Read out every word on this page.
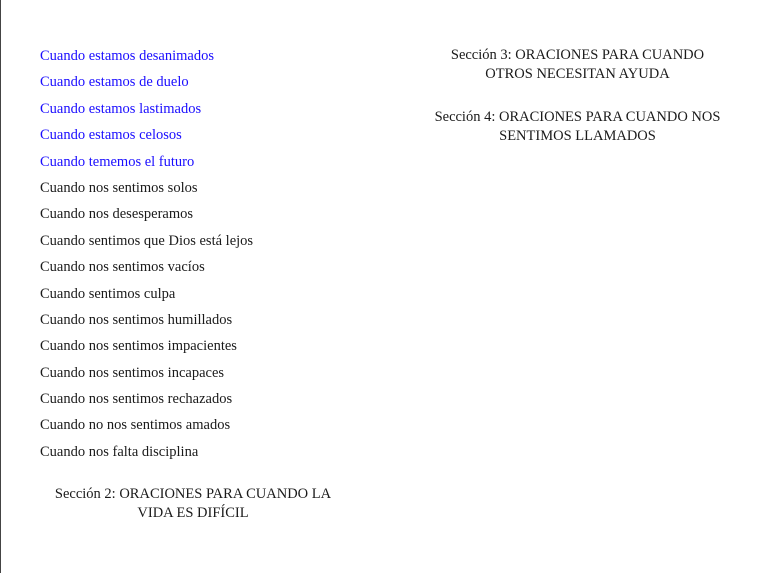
Cuando estamos desanimados
Cuando estamos de duelo
Cuando estamos lastimados
Cuando estamos celosos
Cuando tememos el futuro
Cuando nos sentimos solos
Cuando nos desesperamos
Cuando sentimos que Dios está lejos
Cuando nos sentimos vacíos
Cuando sentimos culpa
Cuando nos sentimos humillados
Cuando nos sentimos impacientes
Cuando nos sentimos incapaces
Cuando nos sentimos rechazados
Cuando no nos sentimos amados
Cuando nos falta disciplina
Sección 2: ORACIONES PARA CUANDO LA VIDA ES DIFÍCIL
Sección 3: ORACIONES PARA CUANDO OTROS NECESITAN AYUDA
Sección 4: ORACIONES PARA CUANDO NOS SENTIMOS LLAMADOS
